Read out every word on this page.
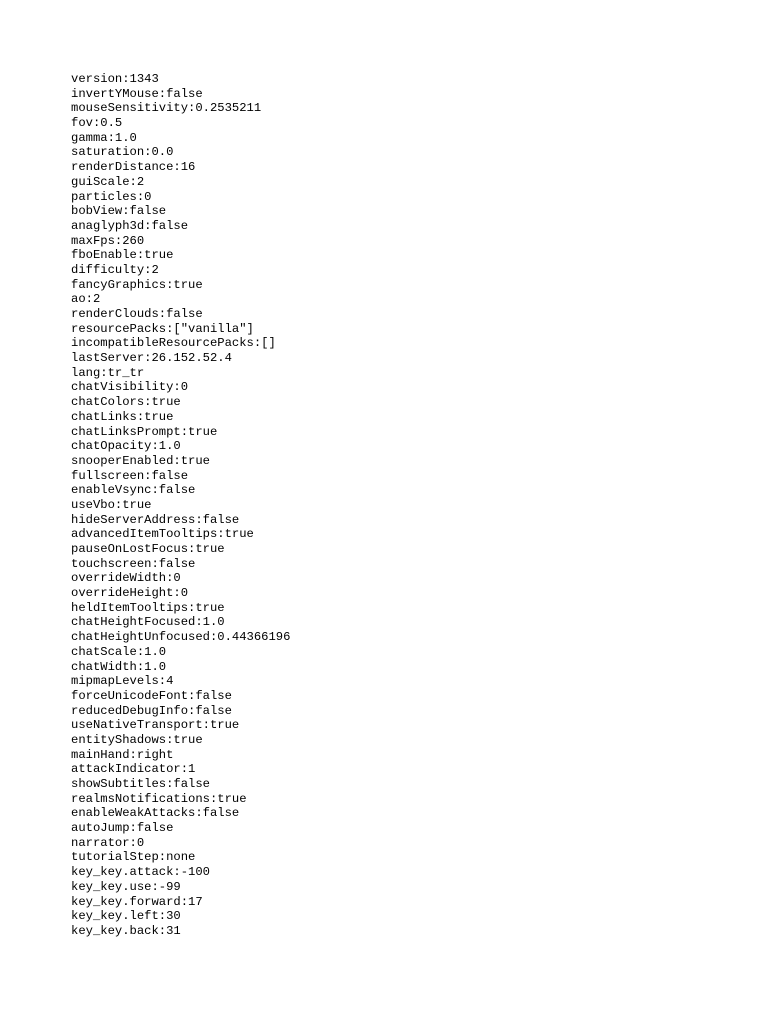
version:1343
invertYMouse:false
mouseSensitivity:0.2535211
fov:0.5
gamma:1.0
saturation:0.0
renderDistance:16
guiScale:2
particles:0
bobView:false
anaglyph3d:false
maxFps:260
fboEnable:true
difficulty:2
fancyGraphics:true
ao:2
renderClouds:false
resourcePacks:["vanilla"]
incompatibleResourcePacks:[]
lastServer:26.152.52.4
lang:tr_tr
chatVisibility:0
chatColors:true
chatLinks:true
chatLinksPrompt:true
chatOpacity:1.0
snooperEnabled:true
fullscreen:false
enableVsync:false
useVbo:true
hideServerAddress:false
advancedItemTooltips:true
pauseOnLostFocus:true
touchscreen:false
overrideWidth:0
overrideHeight:0
heldItemTooltips:true
chatHeightFocused:1.0
chatHeightUnfocused:0.44366196
chatScale:1.0
chatWidth:1.0
mipmapLevels:4
forceUnicodeFont:false
reducedDebugInfo:false
useNativeTransport:true
entityShadows:true
mainHand:right
attackIndicator:1
showSubtitles:false
realmsNotifications:true
enableWeakAttacks:false
autoJump:false
narrator:0
tutorialStep:none
key_key.attack:-100
key_key.use:-99
key_key.forward:17
key_key.left:30
key_key.back:31
